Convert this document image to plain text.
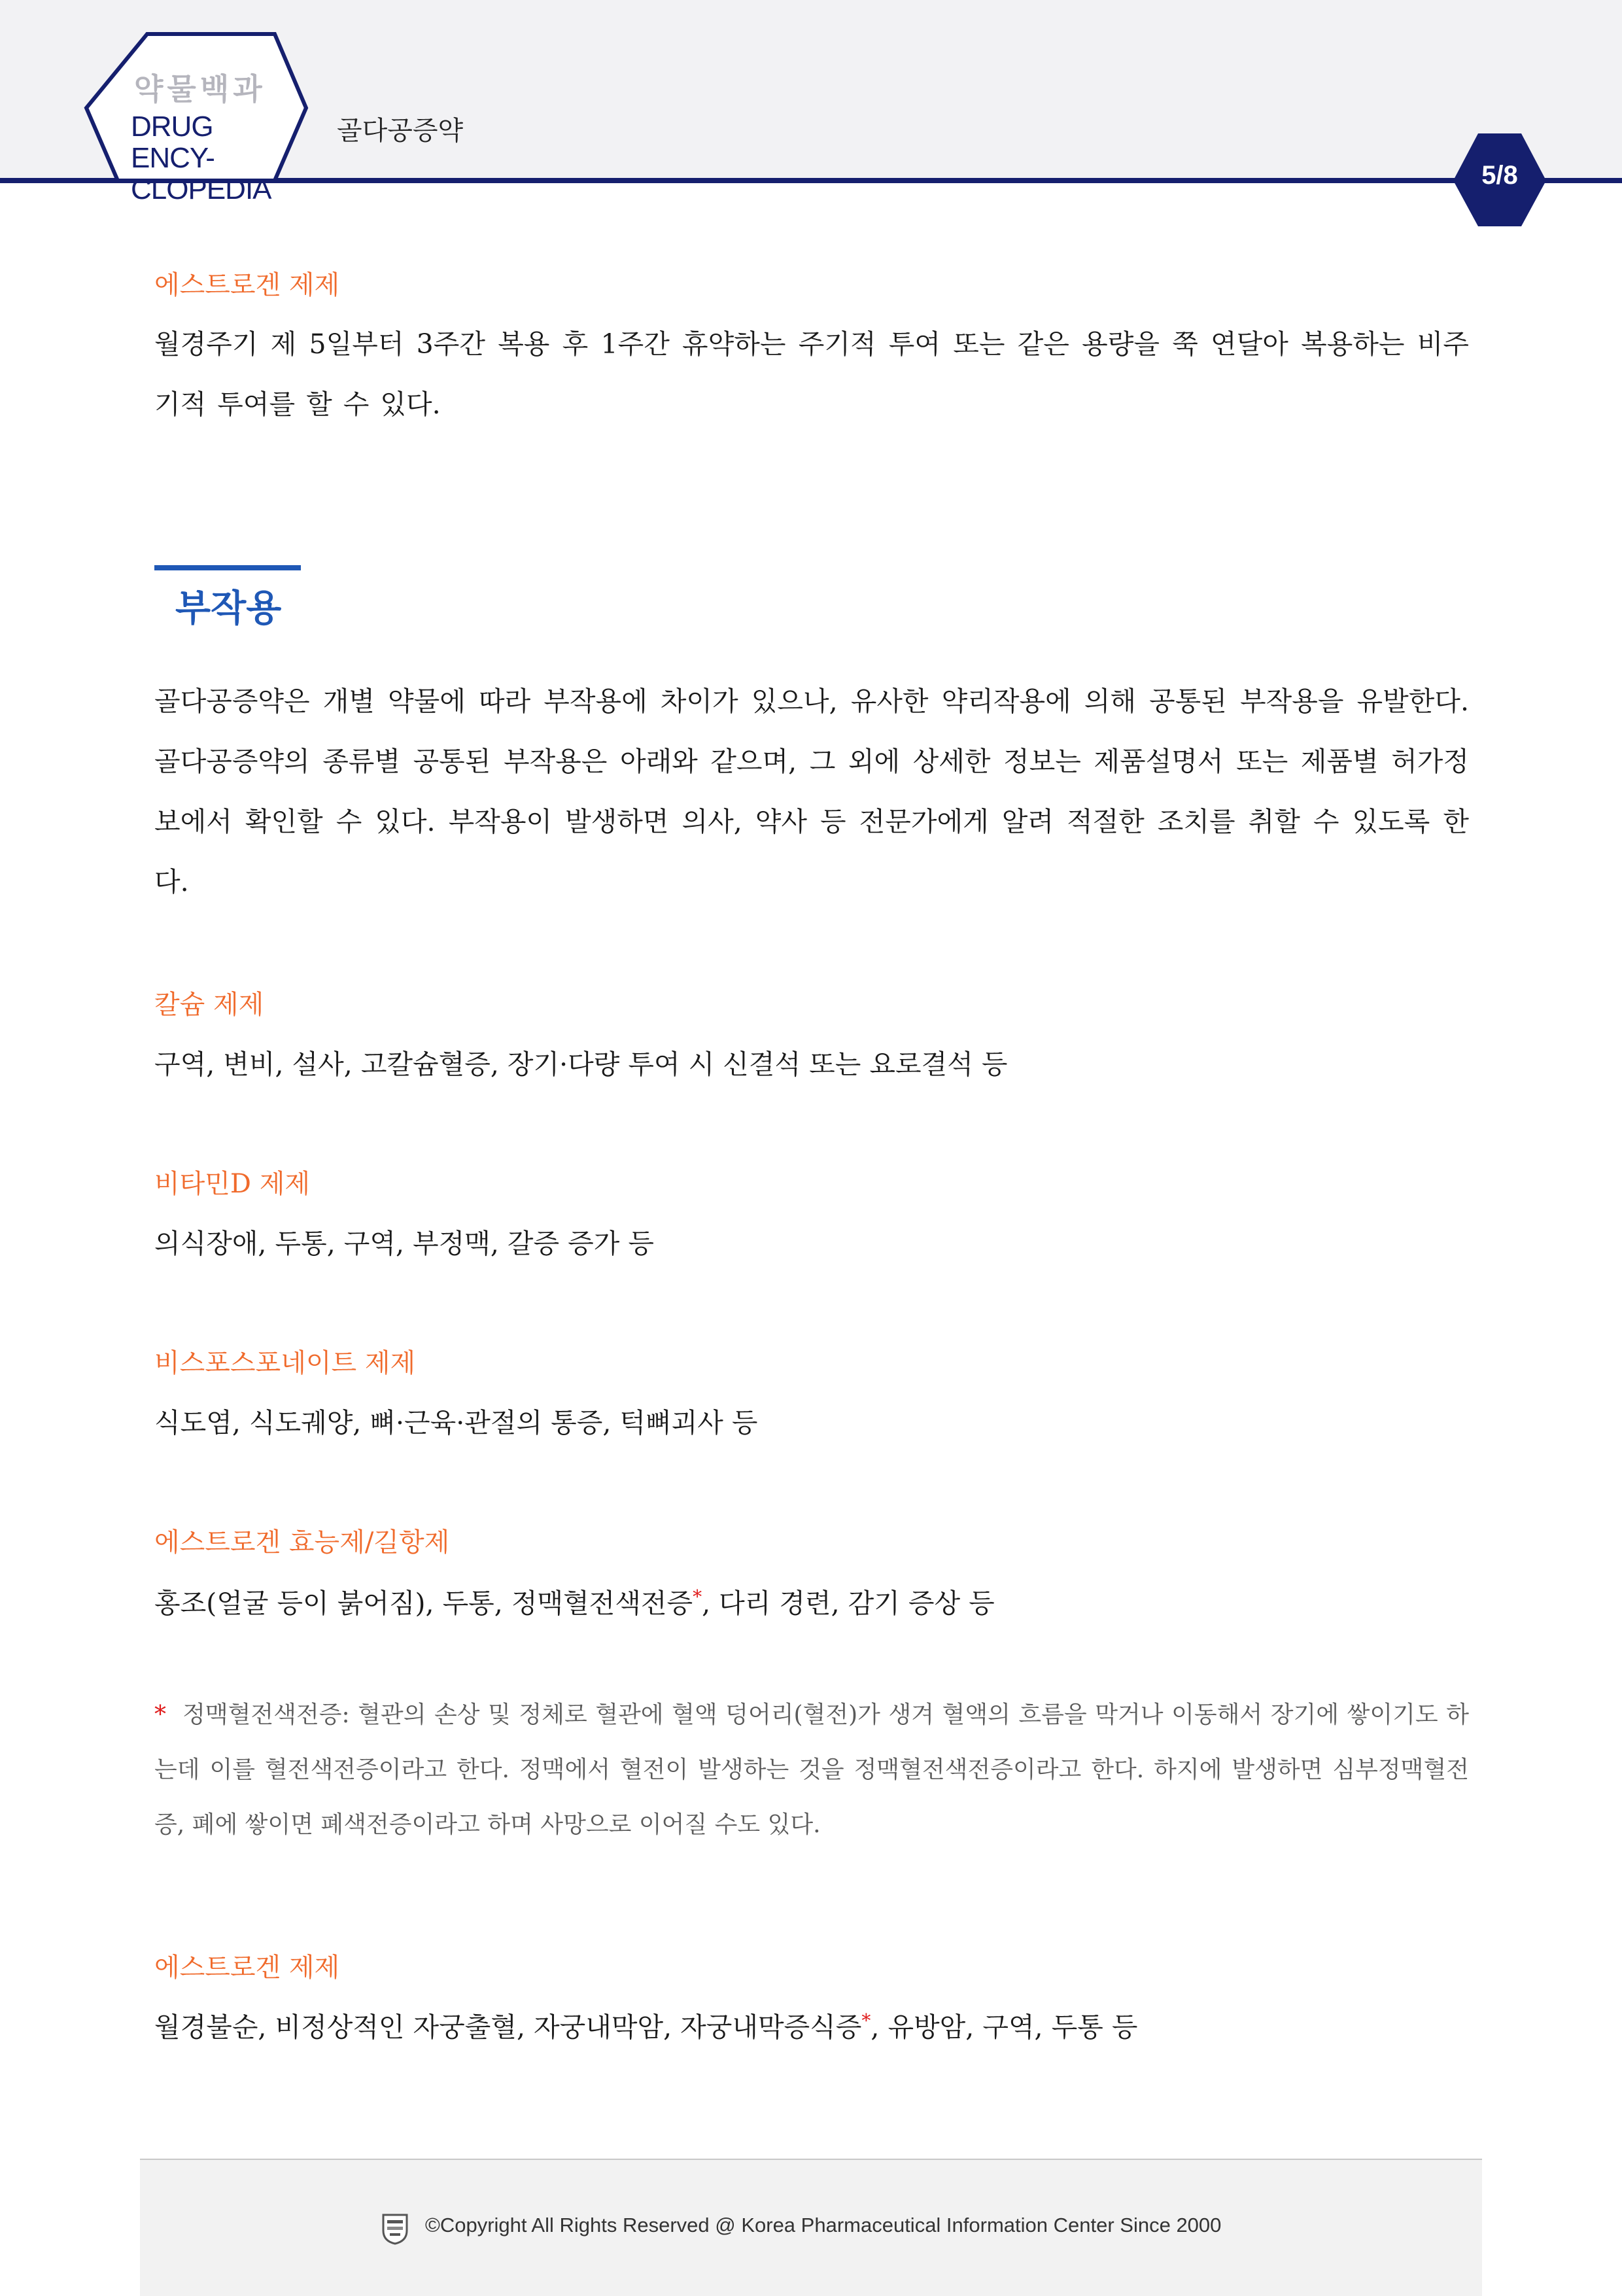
약물백과
DRUG ENCY-
CLOPEDIA
골다공증약
5/8
에스트로겐 제제
월경주기 제 5일부터 3주간 복용 후 1주간 휴약하는 주기적 투여 또는 같은 용량을 쭉 연달아 복용하는 비주기적 투여를 할 수 있다.
부작용
골다공증약은 개별 약물에 따라 부작용에 차이가 있으나, 유사한 약리작용에 의해 공통된 부작용을 유발한다. 골다공증약의 종류별 공통된 부작용은 아래와 같으며, 그 외에 상세한 정보는 제품설명서 또는 제품별 허가정보에서 확인할 수 있다. 부작용이 발생하면 의사, 약사 등 전문가에게 알려 적절한 조치를 취할 수 있도록 한다.
칼슘 제제
구역, 변비, 설사, 고칼슘혈증, 장기·다량 투여 시 신결석 또는 요로결석 등
비타민D 제제
의식장애, 두통, 구역, 부정맥, 갈증 증가 등
비스포스포네이트 제제
식도염, 식도궤양, 뼈·근육·관절의 통증, 턱뼈괴사 등
에스트로겐 효능제/길항제
홍조(얼굴 등이 붉어짐), 두통, 정맥혈전색전증*, 다리 경련, 감기 증상 등
* 정맥혈전색전증: 혈관의 손상 및 정체로 혈관에 혈액 덩어리(혈전)가 생겨 혈액의 흐름을 막거나 이동해서 장기에 쌓이기도 하는데 이를 혈전색전증이라고 한다. 정맥에서 혈전이 발생하는 것을 정맥혈전색전증이라고 한다. 하지에 발생하면 심부정맥혈전증, 폐에 쌓이면 폐색전증이라고 하며 사망으로 이어질 수도 있다.
에스트로겐 제제
월경불순, 비정상적인 자궁출혈, 자궁내막암, 자궁내막증식증*, 유방암, 구역, 두통 등
©Copyright All Rights Reserved @ Korea Pharmaceutical Information Center Since 2000
